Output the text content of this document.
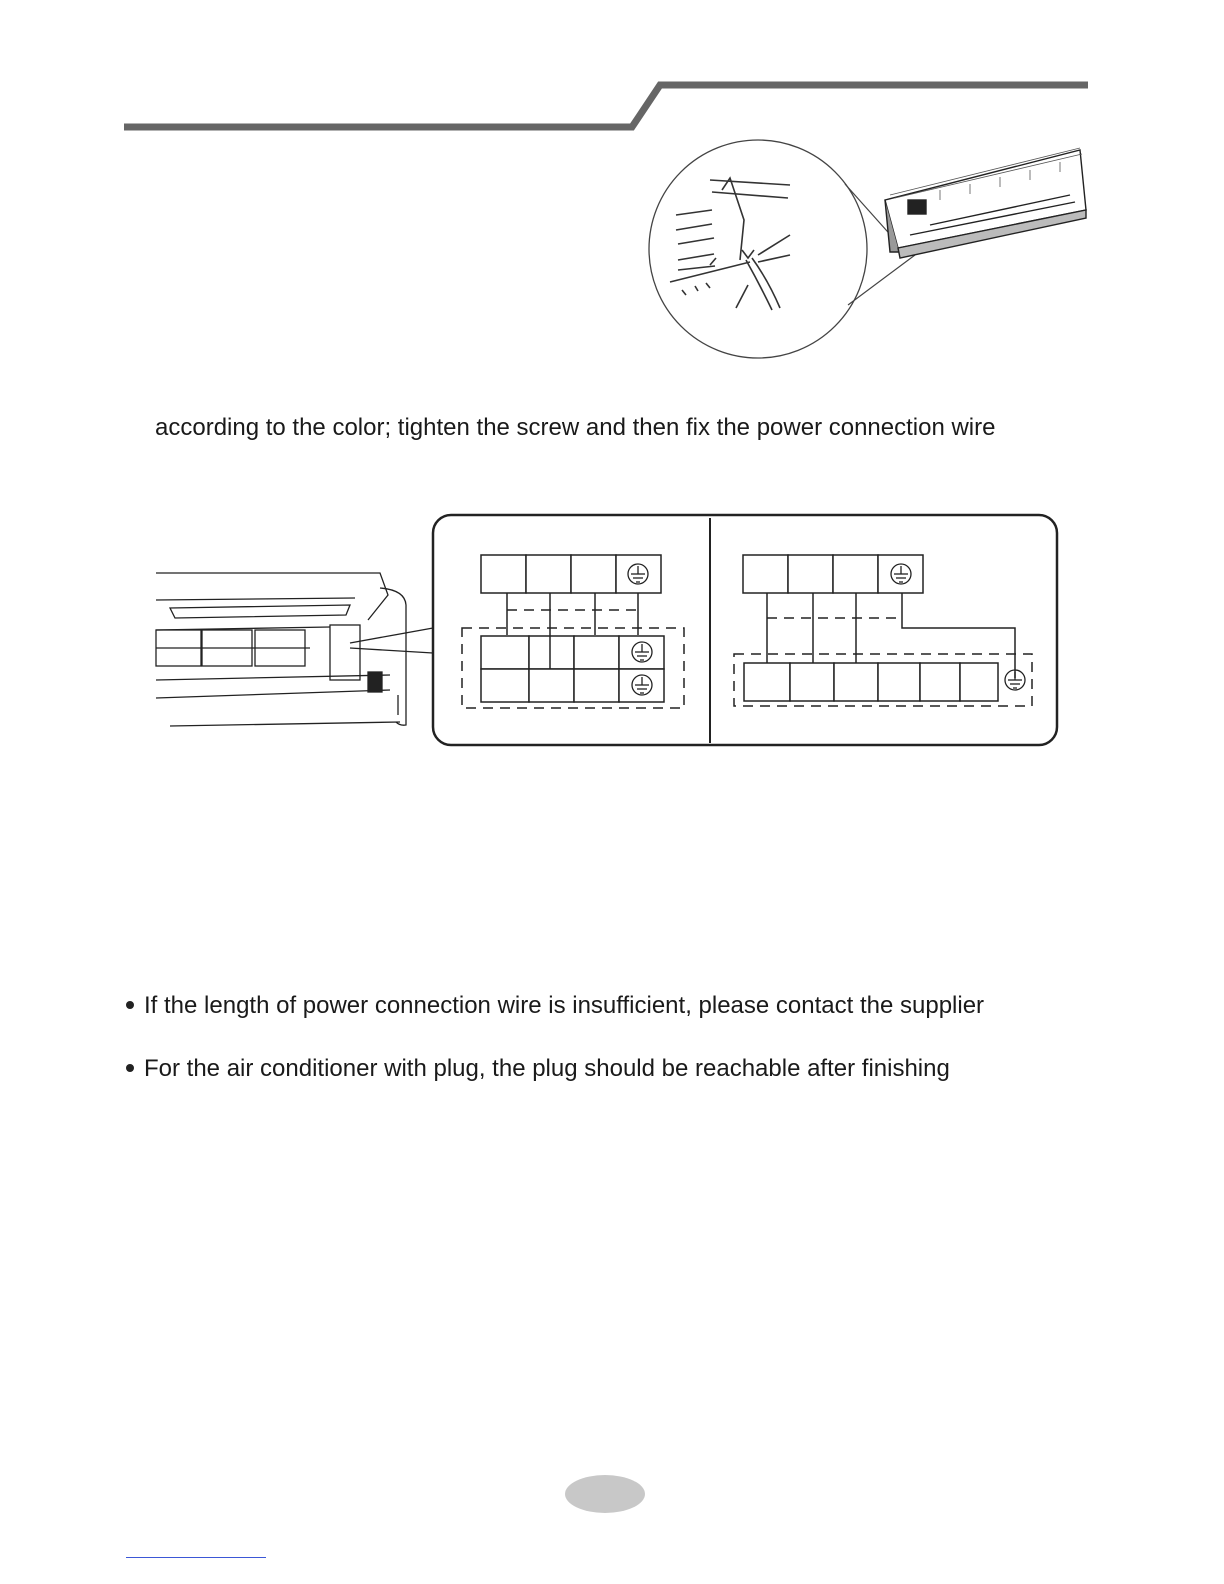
according to the color; tighten the screw and then fix the power connection wire
If the length of power connection wire is insufficient, please contact the supplier
For the air conditioner with plug, the plug should be reachable after finishing
